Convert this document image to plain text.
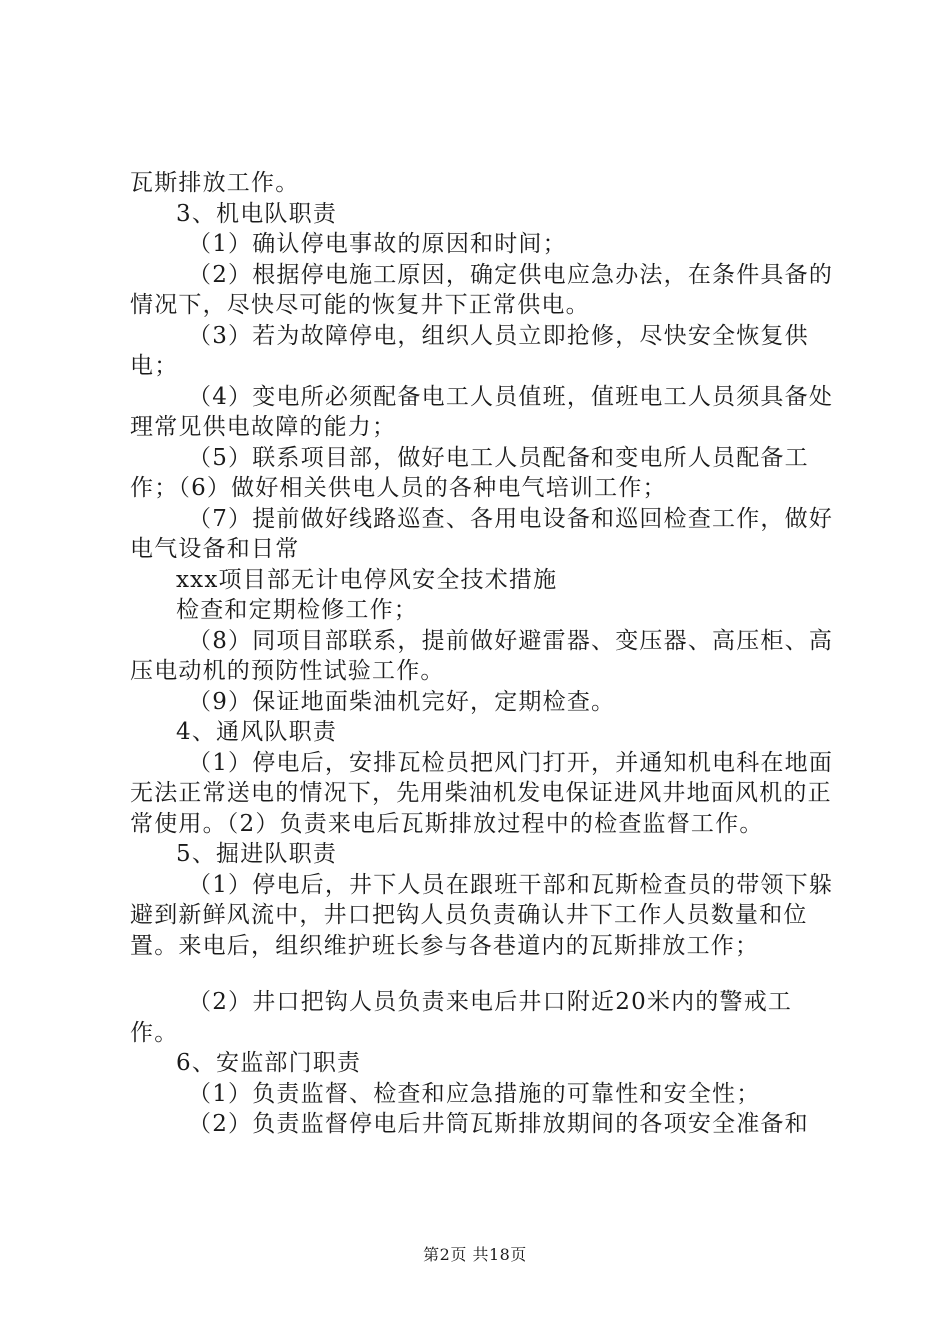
瓦斯排放工作。

3、机电队职责

（1）确认停电事故的原因和时间；

（2）根据停电施工原因，确定供电应急办法，在条件具备的情况下，尽快尽可能的恢复井下正常供电。

（3）若为故障停电，组织人员立即抢修，尽快安全恢复供电；

（4）变电所必须配备电工人员值班，值班电工人员须具备处理常见供电故障的能力；

（5）联系项目部，做好电工人员配备和变电所人员配备工作；（6）做好相关供电人员的各种电气培训工作；

（7）提前做好线路巡查、各用电设备和巡回检查工作，做好电气设备和日常

xxx项目部无计电停风安全技术措施

检查和定期检修工作；

（8）同项目部联系，提前做好避雷器、变压器、高压柜、高压电动机的预防性试验工作。

（9）保证地面柴油机完好，定期检查。

4、通风队职责

（1）停电后，安排瓦检员把风门打开，并通知机电科在地面无法正常送电的情况下，先用柴油机发电保证进风井地面风机的正常使用。（2）负责来电后瓦斯排放过程中的检查监督工作。

5、掘进队职责

（1）停电后，井下人员在跟班干部和瓦斯检查员的带领下躲避到新鲜风流中，井口把钩人员负责确认井下工作人员数量和位置。来电后，组织维护班长参与各巷道内的瓦斯排放工作；

（2）井口把钩人员负责来电后井口附近20米内的警戒工作。

6、安监部门职责

（1）负责监督、检查和应急措施的可靠性和安全性；

（2）负责监督停电后井筒瓦斯排放期间的各项安全准备和

第2页 共18页
